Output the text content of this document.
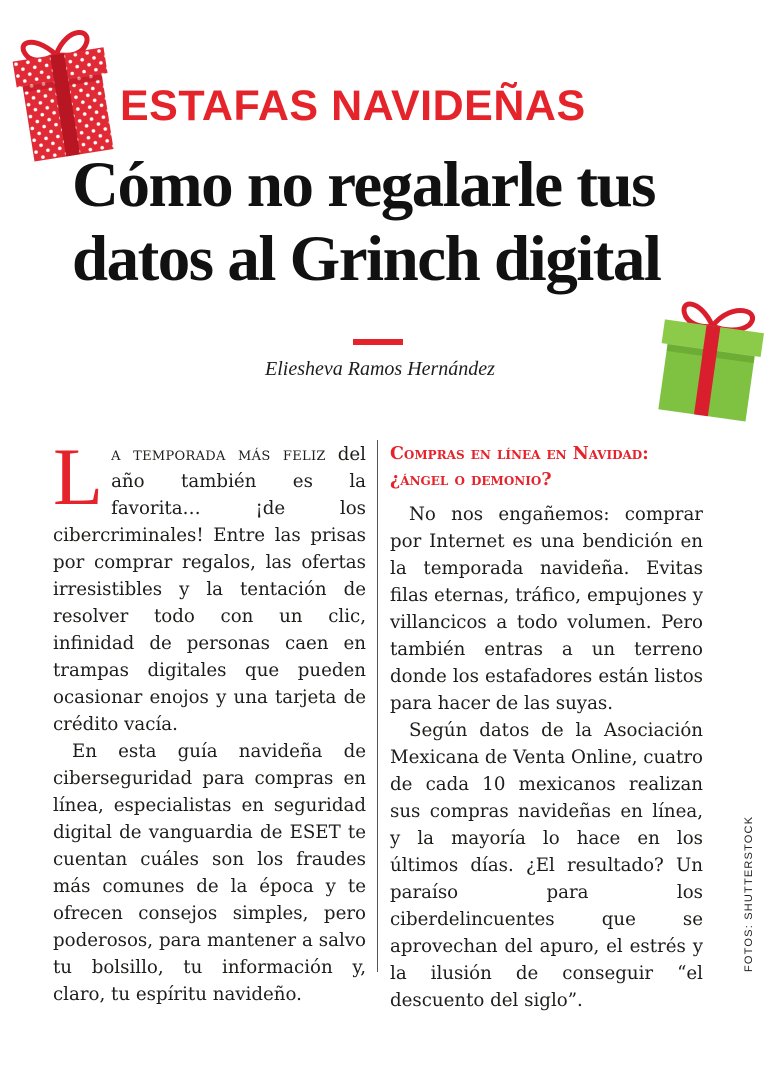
ESTAFAS NAVIDEÑAS
Cómo no regalarle tus
datos al Grinch digital
Eliesheva Ramos Hernández

La temporada más feliz del año también es la favorita… ¡de los cibercriminales! Entre las prisas por comprar regalos, las ofertas irresistibles y la tentación de resolver todo con un clic, infinidad de personas caen en trampas digitales que pueden ocasionar enojos y una tarjeta de crédito vacía.

En esta guía navideña de ciberseguridad para compras en línea, especialistas en seguridad digital de vanguardia de ESET te cuentan cuáles son los fraudes más comunes de la época y te ofrecen consejos simples, pero poderosos, para mantener a salvo tu bolsillo, tu información y, claro, tu espíritu navideño.

Compras en línea en Navidad: ¿ángel o demonio?

No nos engañemos: comprar por Internet es una bendición en la temporada navideña. Evitas filas eternas, tráfico, empujones y villancicos a todo volumen. Pero también entras a un terreno donde los estafadores están listos para hacer de las suyas.

Según datos de la Asociación Mexicana de Venta Online, cuatro de cada 10 mexicanos realizan sus compras navideñas en línea, y la mayoría lo hace en los últimos días. ¿El resultado? Un paraíso para los ciberdelincuentes que se aprovechan del apuro, el estrés y la ilusión de conseguir “el descuento del siglo”.

FOTOS: SHUTTERSTOCK
